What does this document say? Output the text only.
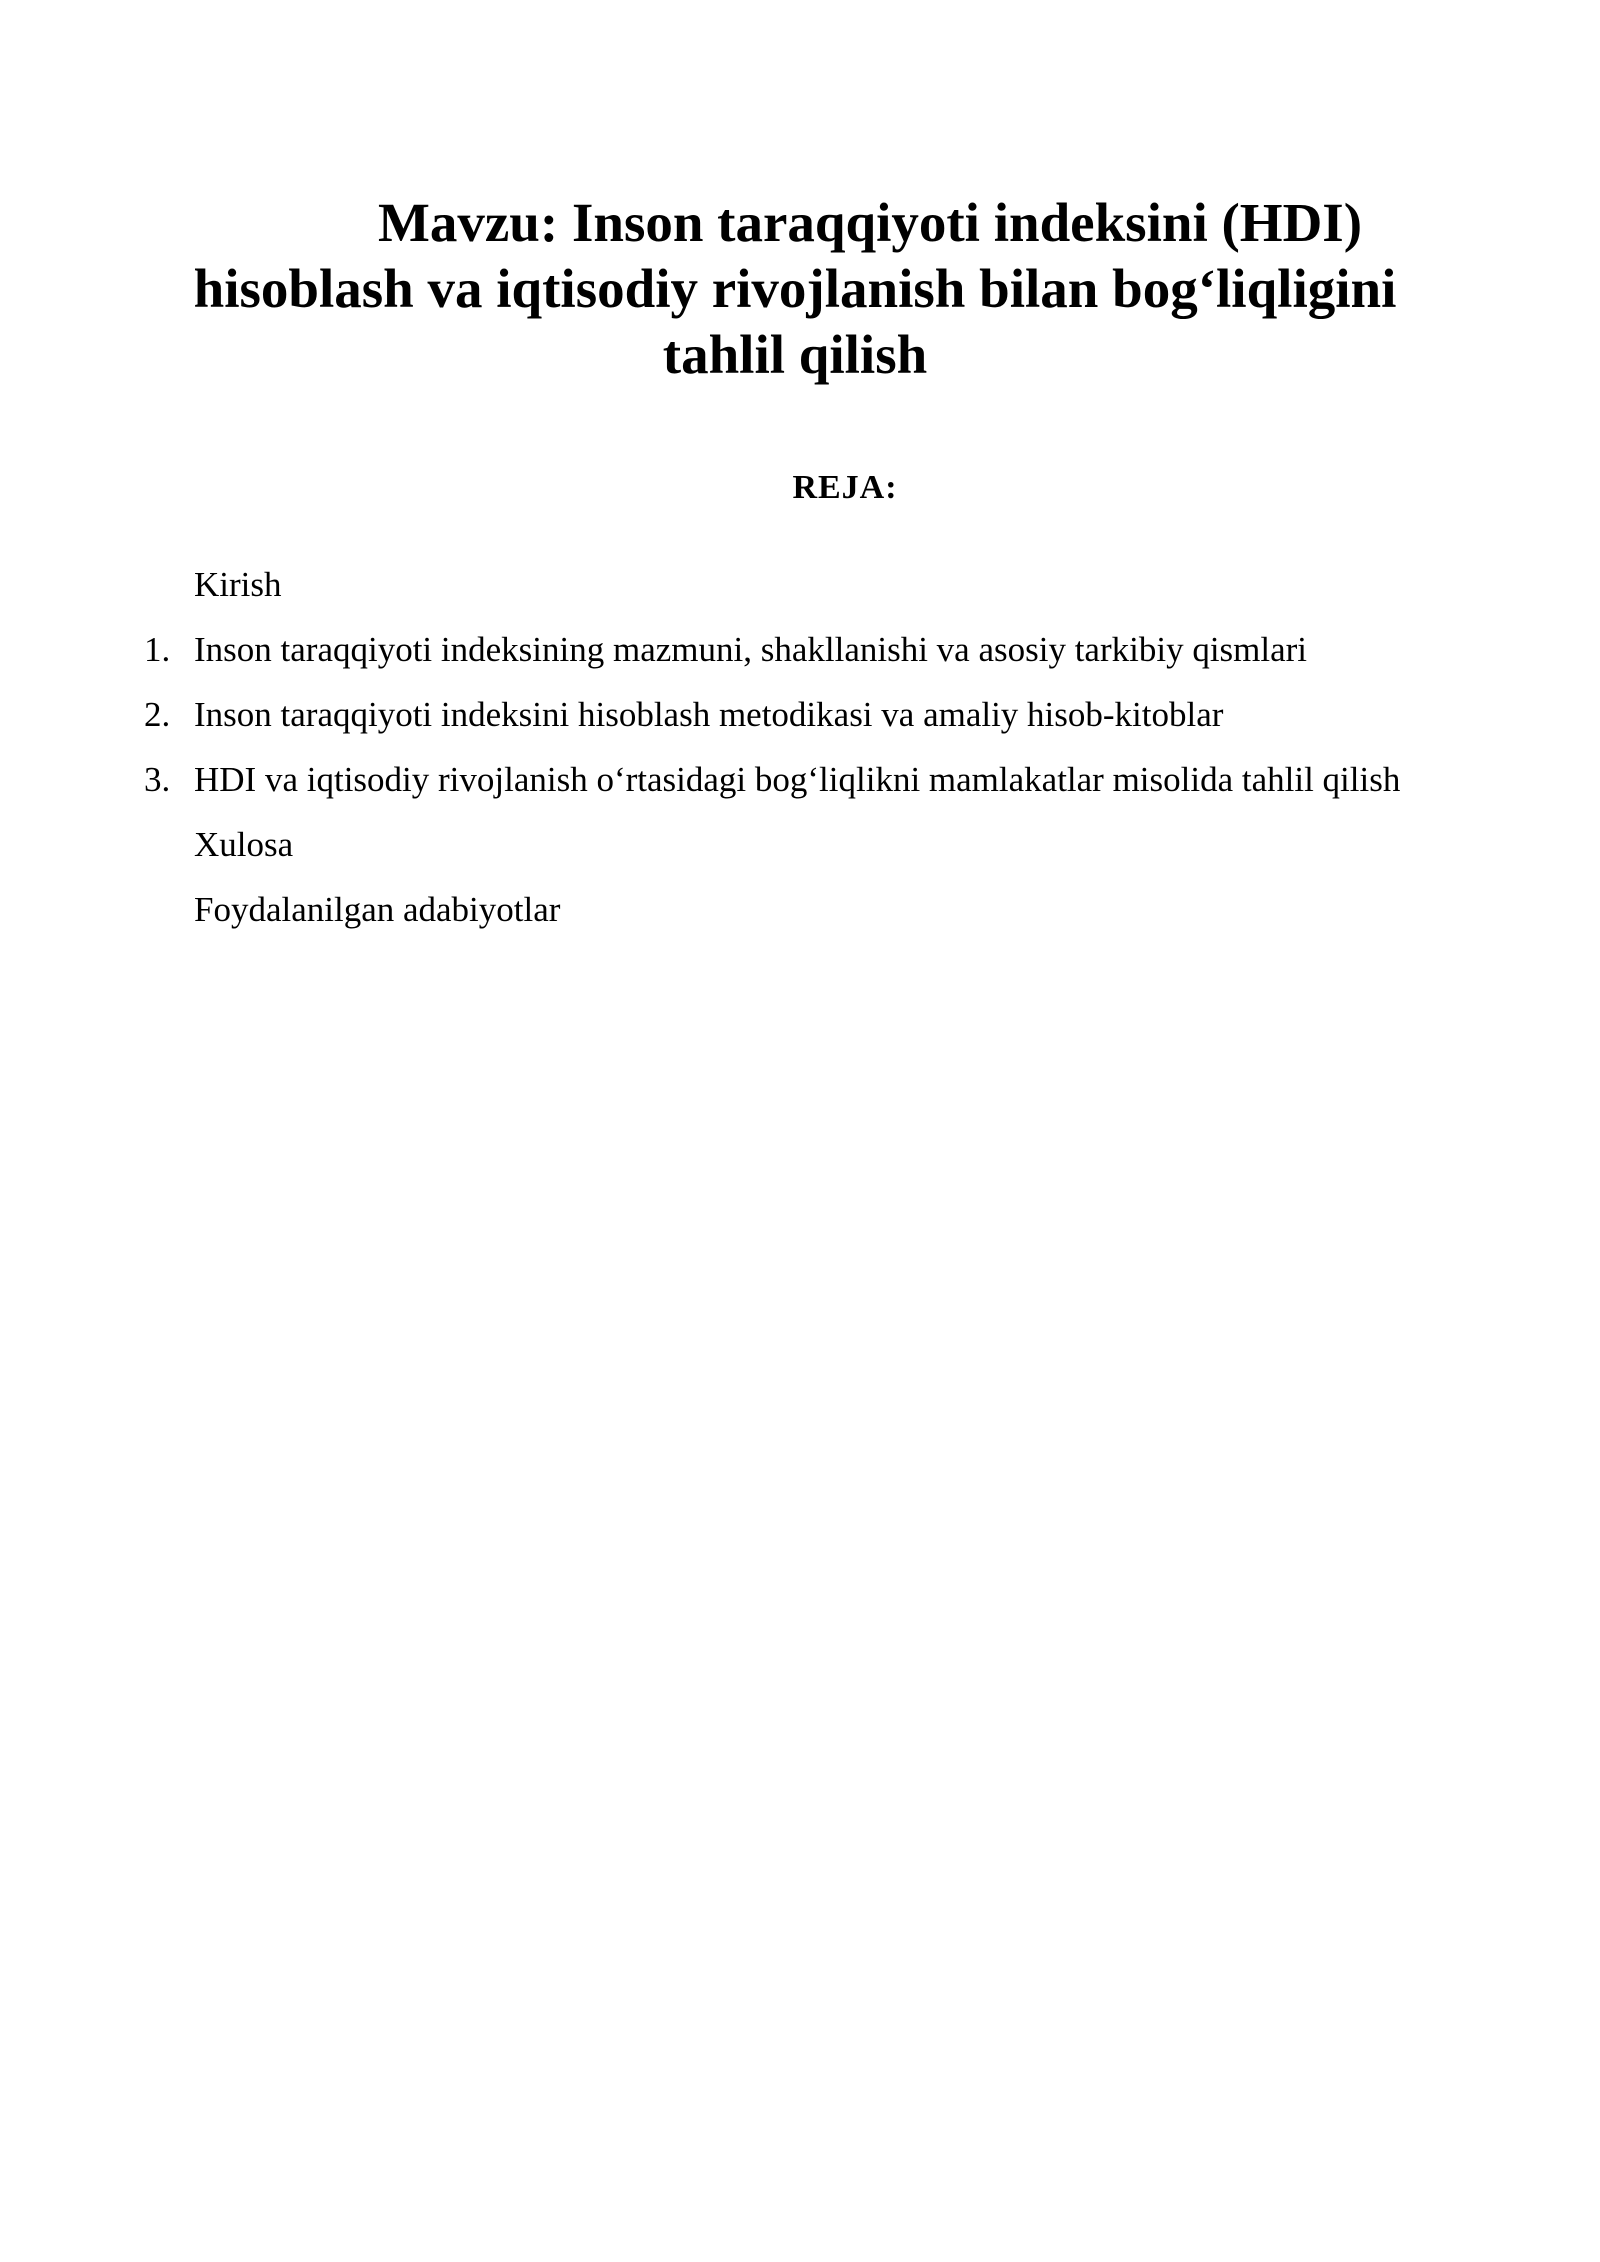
Mavzu: Inson taraqqiyoti indeksini (HDI) hisoblash va iqtisodiy rivojlanish bilan bog‘liqligini tahlil qilish
REJA:
Kirish
1. Inson taraqqiyoti indeksining mazmuni, shakllanishi va asosiy tarkibiy qismlari
2. Inson taraqqiyoti indeksini hisoblash metodikasi va amaliy hisob-kitoblar
3. HDI va iqtisodiy rivojlanish o‘rtasidagi bog‘liqlikni mamlakatlar misolida tahlil qilish
Xulosa
Foydalanilgan adabiyotlar
